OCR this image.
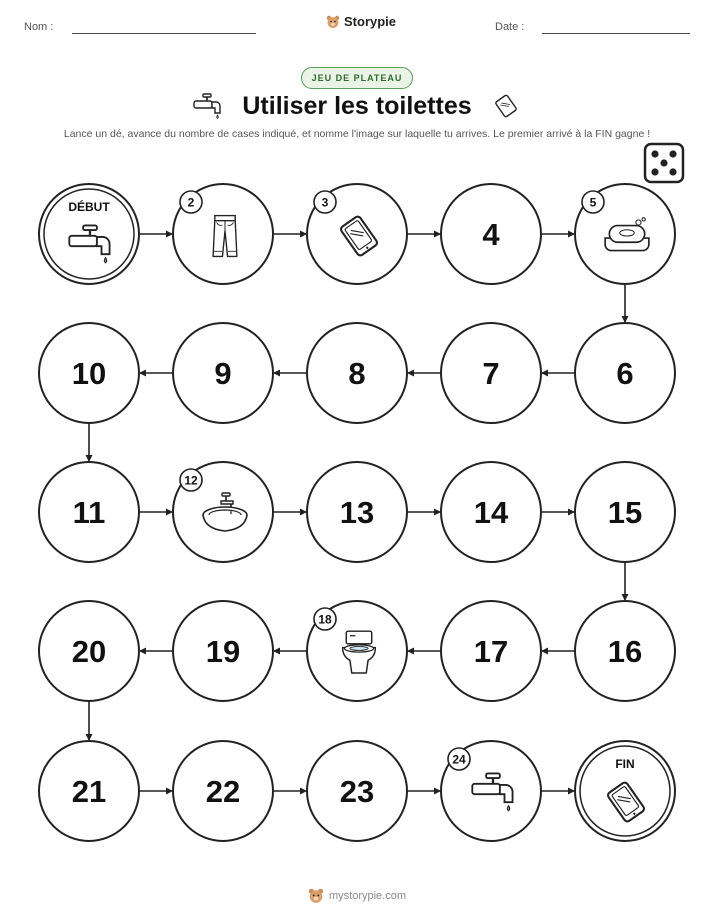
Nom :	Storypie	Date :
JEU DE PLATEAU
Utiliser les toilettes
Lance un dé, avance du nombre de cases indiqué, et nomme l'image sur laquelle tu arrives. Le premier arrivé à la FIN gagne !
DÉBUT	2	3
4
5
6
7
8
9
10
11
12
13	14	15
16
17
18
19
20
21	22	23
24	FIN
mystorypie.com
